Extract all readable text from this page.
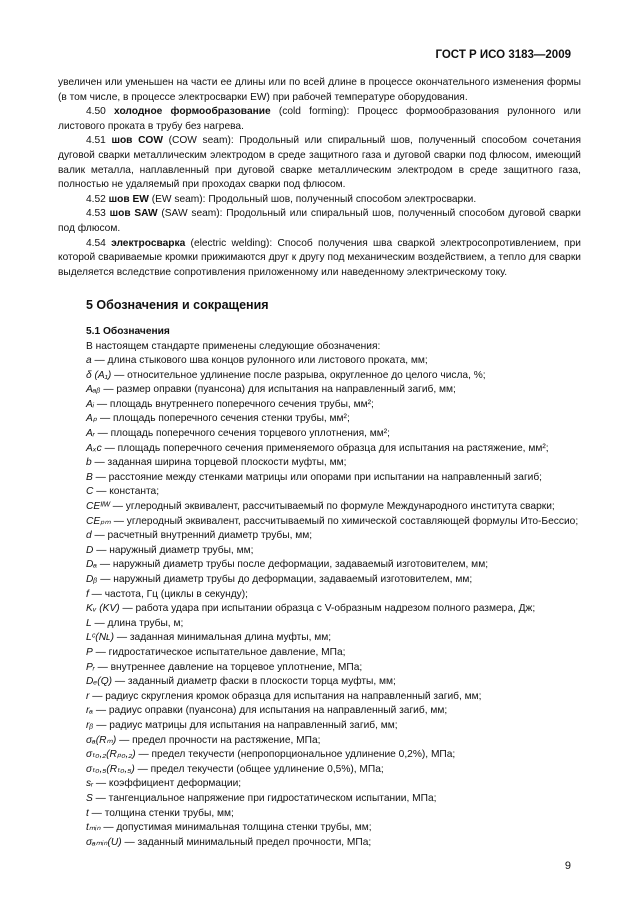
ГОСТ Р ИСО 3183—2009

увеличен или уменьшен на части ее длины или по всей длине в процессе окончательного изменения формы (в том числе, в процессе электросварки EW) при рабочей температуре оборудования.

4.50 холодное формообразование (cold forming): Процесс формообразования рулонного или листового проката в трубу без нагрева.

4.51 шов COW (COW seam): Продольный или спиральный шов, полученный способом сочетания дуговой сварки металлическим электродом в среде защитного газа и дуговой сварки под флюсом, имеющий валик металла, наплавленный при дуговой сварке металлическим электродом в среде защитного газа, полностью не удаляемый при проходах сварки под флюсом.

4.52 шов EW (EW seam): Продольный шов, полученный способом электросварки.

4.53 шов SAW (SAW seam): Продольный или спиральный шов, полученный способом дуговой сварки под флюсом.

4.54 электросварка (electric welding): Способ получения шва сваркой электросопротивлением, при которой свариваемые кромки прижимаются друг к другу под механическим воздействием, а тепло для сварки выделяется вследствие сопротивления приложенному или наведенному электрическому току.

5 Обозначения и сокращения
5.1 Обозначения
В настоящем стандарте применены следующие обозначения:
a — длина стыкового шва концов рулонного или листового проката, мм;
δ (A₁) — относительное удлинение после разрыва, округленное до целого числа, %;
Aₐᵦ — размер оправки (пуансона) для испытания на направленный загиб, мм;
Aᵢ — площадь внутреннего поперечного сечения трубы, мм²;
Aₚ — площадь поперечного сечения стенки трубы, мм²;
Aᵣ — площадь поперечного сечения торцевого уплотнения, мм²;
Aₓc — площадь поперечного сечения применяемого образца для испытания на растяжение, мм²;
b — заданная ширина торцевой плоскости муфты, мм;
B — расстояние между стенками матрицы или опорами при испытании на направленный загиб;
C — константа;
CEᴵᴵᵂ — углеродный эквивалент, рассчитываемый по формуле Международного института сварки;
CEₚₘ — углеродный эквивалент, рассчитываемый по химической составляющей формулы Ито-Бессио;
d — расчетный внутренний диаметр трубы, мм;
D — наружный диаметр трубы, мм;
Dₐ — наружный диаметр трубы после деформации, задаваемый изготовителем, мм;
Dᵦ — наружный диаметр трубы до деформации, задаваемый изготовителем, мм;
f — частота, Гц (циклы в секунду);
Kᵥ (KV) — работа удара при испытании образца с V-образным надрезом полного размера, Дж;
L — длина трубы, м;
Lᶜ(Nʟ) — заданная минимальная длина муфты, мм;
P — гидростатическое испытательное давление, МПа;
Pᵣ — внутреннее давление на торцевое уплотнение, МПа;
Dₑ(Q) — заданный диаметр фаски в плоскости торца муфты, мм;
r — радиус скругления кромок образца для испытания на направленный загиб, мм;
rₐ — радиус оправки (пуансона) для испытания на направленный загиб, мм;
rᵦ — радиус матрицы для испытания на направленный загиб, мм;
σₐ(Rₘ) — предел прочности на растяжение, МПа;
σₜ₀,₂(Rₚ₀,₂) — предел текучести (непропорциональное удлинение 0,2%), МПа;
σₜ₀,₅(Rₜ₀,₅) — предел текучести (общее удлинение 0,5%), МПа;
sᵣ — коэффициент деформации;
S — тангенциальное напряжение при гидростатическом испытании, МПа;
t — толщина стенки трубы, мм;
tₘᵢₙ — допустимая минимальная толщина стенки трубы, мм;
σₐₘᵢₙ(U) — заданный минимальный предел прочности, МПа;
9
